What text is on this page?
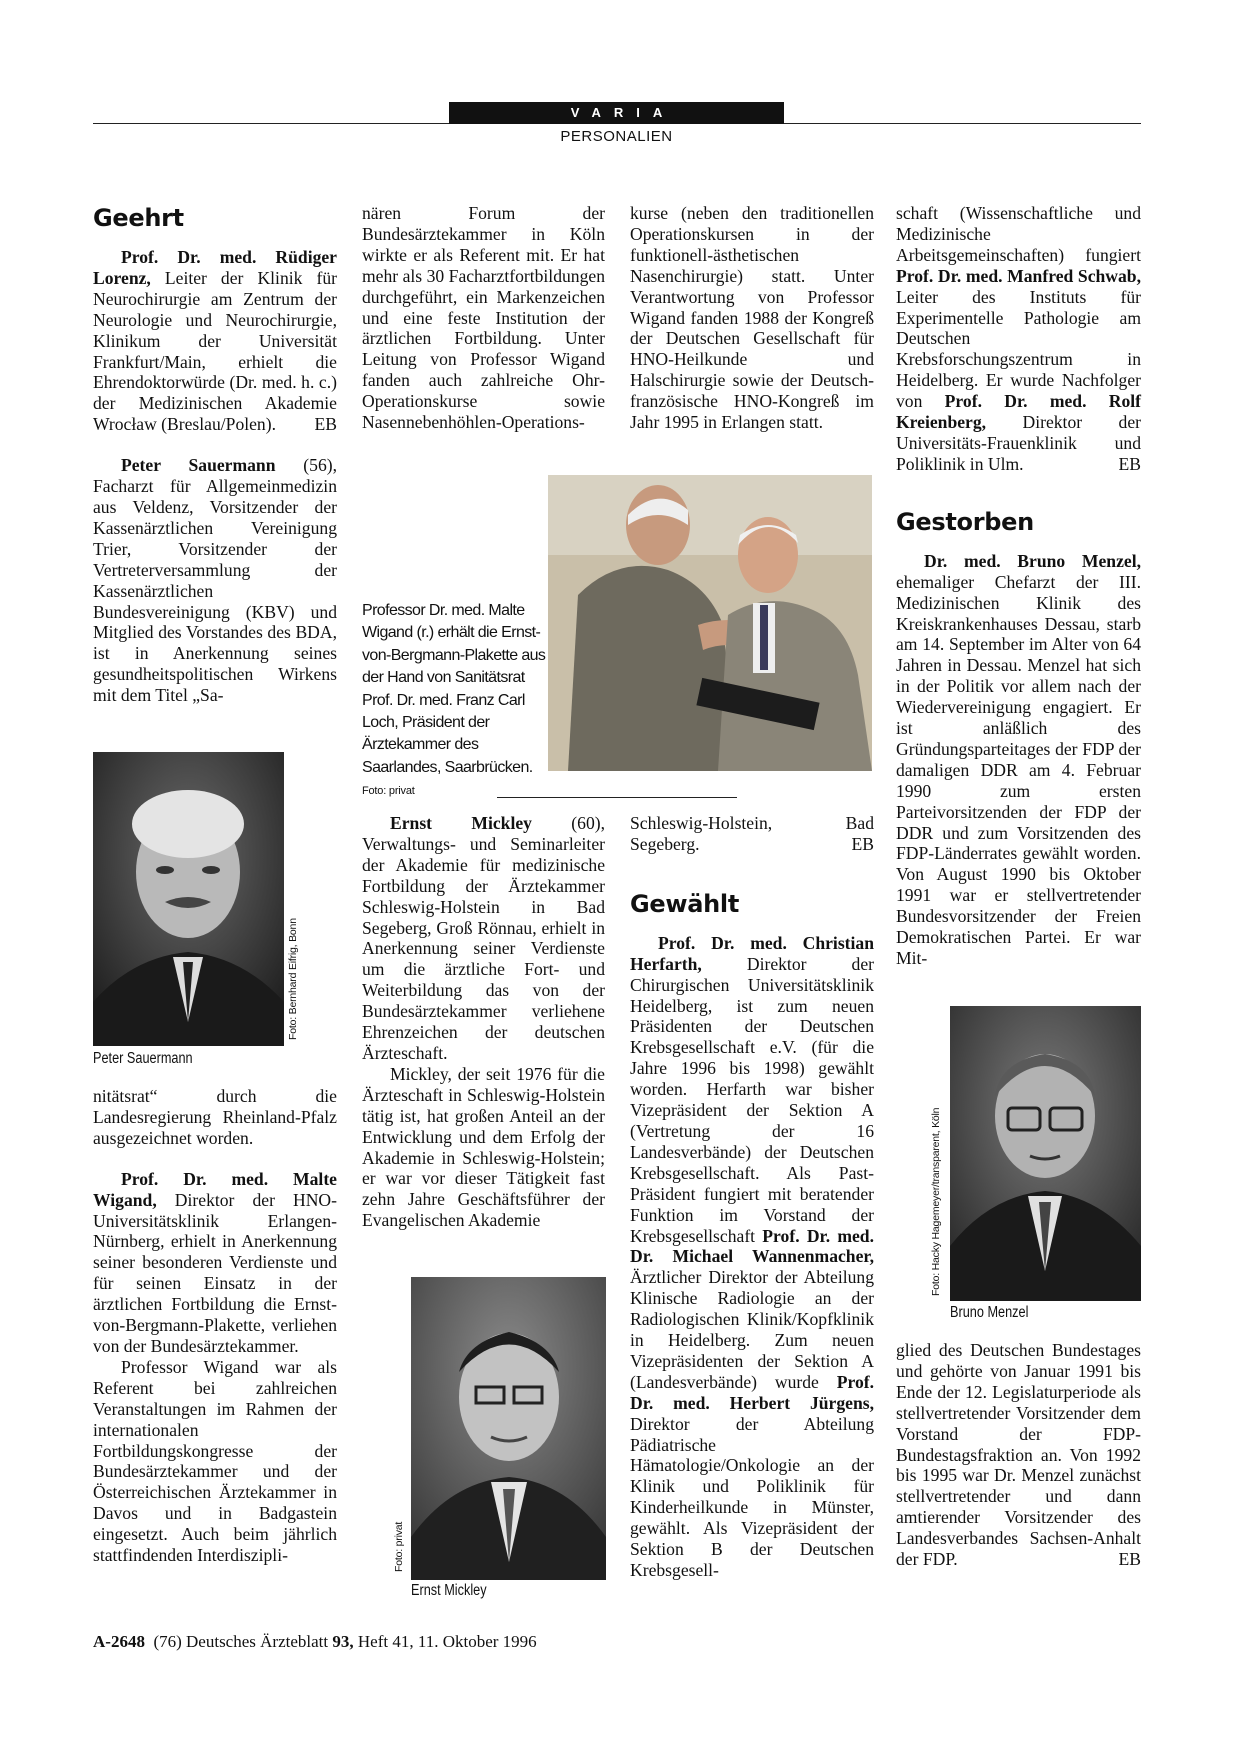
VARIA
PERSONALIEN
Geehrt

Prof. Dr. med. Rüdiger Lorenz, Leiter der Klinik für Neurochirurgie am Zentrum der Neurologie und Neurochirurgie, Klinikum der Universität Frankfurt/Main, erhielt die Ehrendoktorwürde (Dr. med. h. c.) der Medizinischen Akademie Wrocław (Breslau/Polen).	EB

Peter Sauermann (56), Facharzt für Allgemeinmedizin aus Veldenz, Vorsitzender der Kassenärztlichen Vereinigung Trier, Vorsitzender der Vertreterversammlung der Kassenärztlichen Bundesvereinigung (KBV) und Mitglied des Vorstandes des BDA, ist in Anerkennung seines gesundheitspolitischen Wirkens mit dem Titel „Sa-

Foto: Bernhard Eifrig, Bonn
Peter Sauermann

nitätsrat“ durch die Landesregierung Rheinland-Pfalz ausgezeichnet worden.

Prof. Dr. med. Malte Wigand, Direktor der HNO-Universitätsklinik Erlangen-Nürnberg, erhielt in Anerkennung seiner besonderen Verdienste und für seinen Einsatz in der ärztlichen Fortbildung die Ernst-von-Bergmann-Plakette, verliehen von der Bundesärztekammer.

Professor Wigand war als Referent bei zahlreichen Veranstaltungen im Rahmen der internationalen Fortbildungskongresse der Bundesärztekammer und der Österreichischen Ärztekammer in Davos und in Badgastein eingesetzt. Auch beim jährlich stattfindenden Interdiszipli-

nären Forum der Bundesärztekammer in Köln wirkte er als Referent mit. Er hat mehr als 30 Facharztfortbildungen durchgeführt, ein Markenzeichen und eine feste Institution der ärztlichen Fortbildung. Unter Leitung von Professor Wigand fanden auch zahlreiche Ohr-Operationskurse sowie Nasennebenhöhlen-Operations-

Professor Dr. med. Malte Wigand (r.) erhält die Ernst-von-Bergmann-Plakette aus der Hand von Sanitätsrat Prof. Dr. med. Franz Carl Loch, Präsident der Ärztekammer des Saarlandes, Saarbrücken. Foto: privat

Ernst Mickley (60), Verwaltungs- und Seminarleiter der Akademie für medizinische Fortbildung der Ärztekammer Schleswig-Holstein in Bad Segeberg, Groß Rönnau, erhielt in Anerkennung seiner Verdienste um die ärztliche Fort- und Weiterbildung das von der Bundesärztekammer verliehene Ehrenzeichen der deutschen Ärzteschaft.

Mickley, der seit 1976 für die Ärzteschaft in Schleswig-Holstein tätig ist, hat großen Anteil an der Entwicklung und dem Erfolg der Akademie in Schleswig-Holstein; er war vor dieser Tätigkeit fast zehn Jahre Geschäftsführer der Evangelischen Akademie

Foto: privat
Ernst Mickley

kurse (neben den traditionellen Operationskursen in der funktionell-ästhetischen Nasenchirurgie) statt. Unter Verantwortung von Professor Wigand fanden 1988 der Kongreß der Deutschen Gesellschaft für HNO-Heilkunde und Halschirurgie sowie der Deutsch-französische HNO-Kongreß im Jahr 1995 in Erlangen statt.

Schleswig-Holstein, Bad Segeberg.	EB

Gewählt

Prof. Dr. med. Christian Herfarth, Direktor der Chirurgischen Universitätsklinik Heidelberg, ist zum neuen Präsidenten der Deutschen Krebsgesellschaft e.V. (für die Jahre 1996 bis 1998) gewählt worden. Herfarth war bisher Vizepräsident der Sektion A (Vertretung der 16 Landesverbände) der Deutschen Krebsgesellschaft. Als Past-Präsident fungiert mit beratender Funktion im Vorstand der Krebsgesellschaft Prof. Dr. med. Dr. Michael Wannenmacher, Ärztlicher Direktor der Abteilung Klinische Radiologie an der Radiologischen Klinik/Kopfklinik in Heidelberg. Zum neuen Vizepräsidenten der Sektion A (Landesverbände) wurde Prof. Dr. med. Herbert Jürgens, Direktor der Abteilung Pädiatrische Hämatologie/Onkologie an der Klinik und Poliklinik für Kinderheilkunde in Münster, gewählt. Als Vizepräsident der Sektion B der Deutschen Krebsgesell-

schaft (Wissenschaftliche und Medizinische Arbeitsgemeinschaften) fungiert Prof. Dr. med. Manfred Schwab, Leiter des Instituts für Experimentelle Pathologie am Deutschen Krebsforschungszentrum in Heidelberg. Er wurde Nachfolger von Prof. Dr. med. Rolf Kreienberg, Direktor der Universitäts-Frauenklinik und Poliklinik in Ulm.	EB

Gestorben

Dr. med. Bruno Menzel, ehemaliger Chefarzt der III. Medizinischen Klinik des Kreiskrankenhauses Dessau, starb am 14. September im Alter von 64 Jahren in Dessau. Menzel hat sich in der Politik vor allem nach der Wiedervereinigung engagiert. Er ist anläßlich des Gründungsparteitages der FDP der damaligen DDR am 4. Februar 1990 zum ersten Parteivorsitzenden der FDP der DDR und zum Vorsitzenden des FDP-Länderrates gewählt worden. Von August 1990 bis Oktober 1991 war er stellvertretender Bundesvorsitzender der Freien Demokratischen Partei. Er war Mit-

Foto: Hacky Hagemeyer/transparent, Köln
Bruno Menzel

glied des Deutschen Bundestages und gehörte von Januar 1991 bis Ende der 12. Legislaturperiode als stellvertretender Vorsitzender dem Vorstand der FDP-Bundestagsfraktion an. Von 1992 bis 1995 war Dr. Menzel zunächst stellvertretender und dann amtierender Vorsitzender des Landesverbandes Sachsen-Anhalt der FDP.	EB

A-2648 (76) Deutsches Ärzteblatt 93, Heft 41, 11. Oktober 1996
